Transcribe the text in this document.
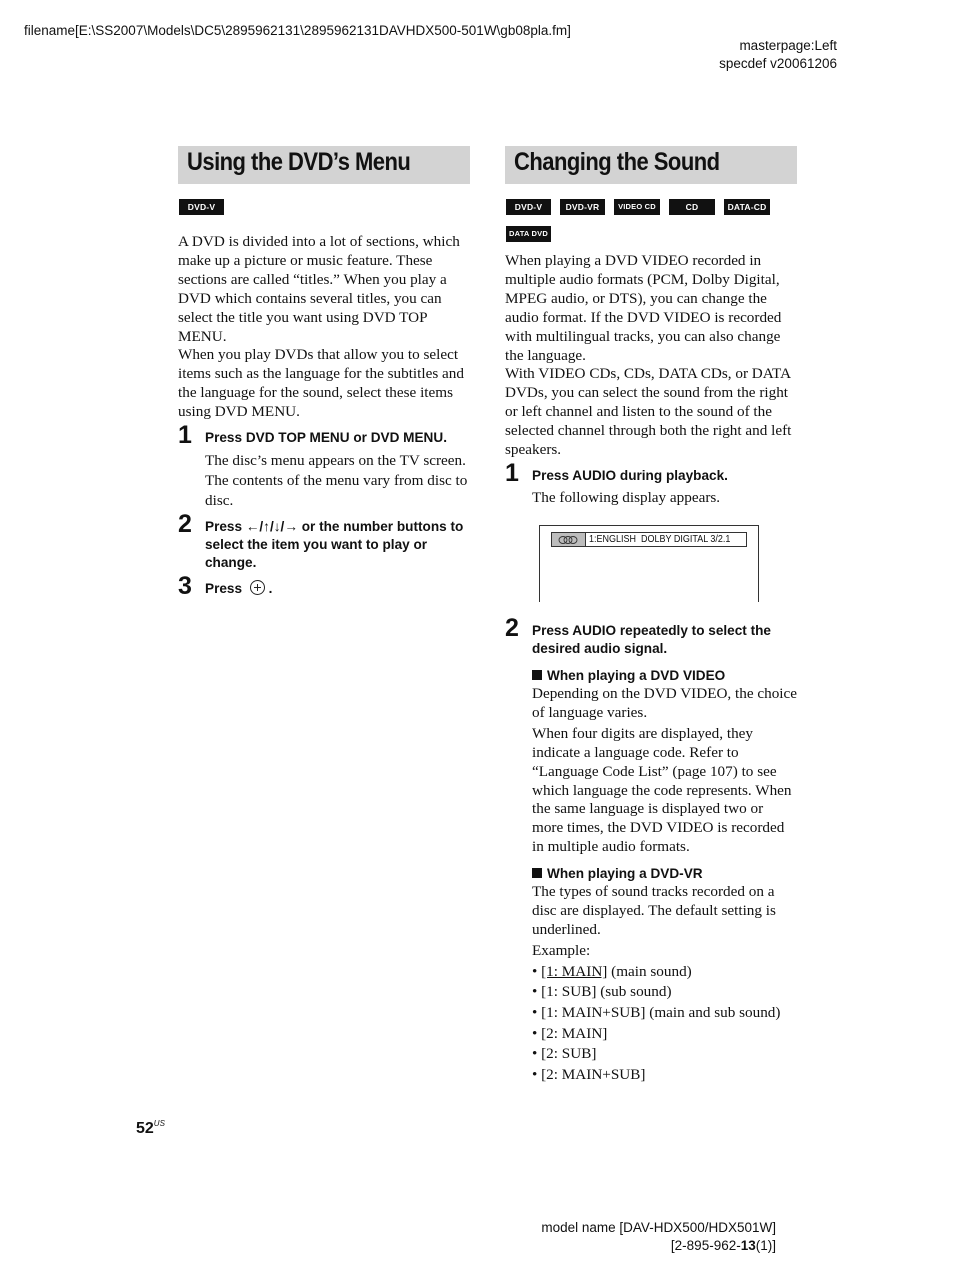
filename[E:\SS2007\Models\DC5\2895962131\2895962131DAVHDX500-501W\gb08pla.fm]
masterpage:Left
specdef v20061206
Using the DVD’s Menu
DVD-V
A DVD is divided into a lot of sections, which make up a picture or music feature. These sections are called “titles.” When you play a DVD which contains several titles, you can select the title you want using DVD TOP MENU.
When you play DVDs that allow you to select items such as the language for the subtitles and the language for the sound, select these items using DVD MENU.
1 Press DVD TOP MENU or DVD MENU.
The disc’s menu appears on the TV screen.
The contents of the menu vary from disc to disc.
2 Press ←/↑/↓/→ or the number buttons to select the item you want to play or change.
3 Press .
Changing the Sound
DVD-V	DVD-VR	VIDEO CD	CD	DATA-CD
DATA DVD
When playing a DVD VIDEO recorded in multiple audio formats (PCM, Dolby Digital, MPEG audio, or DTS), you can change the audio format. If the DVD VIDEO is recorded with multilingual tracks, you can also change the language.
With VIDEO CDs, CDs, DATA CDs, or DATA DVDs, you can select the sound from the right or left channel and listen to the sound of the selected channel through both the right and left speakers.
1 Press AUDIO during playback.
The following display appears.
1:ENGLISH  DOLBY DIGITAL 3/2.1
2 Press AUDIO repeatedly to select the desired audio signal.
When playing a DVD VIDEO
Depending on the DVD VIDEO, the choice of language varies.
When four digits are displayed, they indicate a language code. Refer to “Language Code List” (page 107) to see which language the code represents. When the same language is displayed two or more times, the DVD VIDEO is recorded in multiple audio formats.
When playing a DVD-VR
The types of sound tracks recorded on a disc are displayed. The default setting is underlined.
Example:
• [1: MAIN] (main sound)
• [1: SUB] (sub sound)
• [1: MAIN+SUB] (main and sub sound)
• [2: MAIN]
• [2: SUB]
• [2: MAIN+SUB]
$52^{US}$
model name [DAV-HDX500/HDX501W]
[2-895-962-13(1)]
